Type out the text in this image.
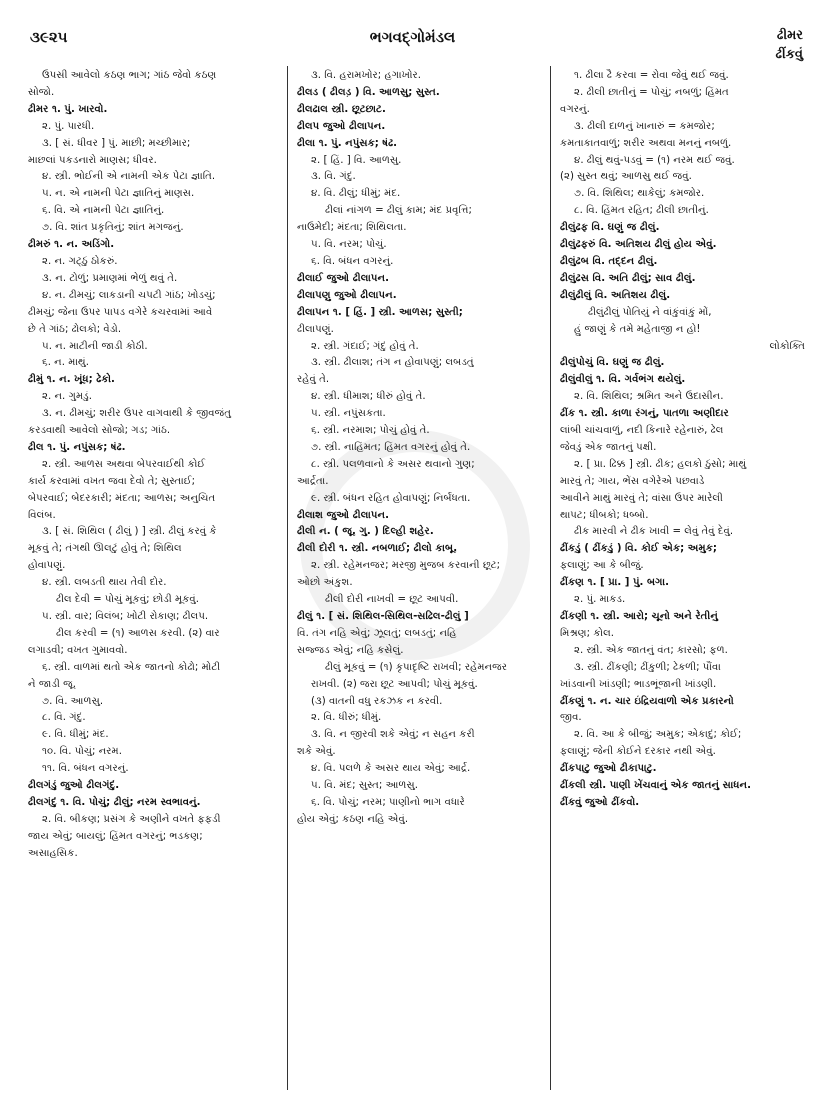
૩૯૨૫	ભગવદ્ગોમંડલ	ઢીમર
ઢીંકવું
ઉપસી આવેલો કઠણ ભાગ; ગાંઠ જેવો કઠણ
સોજો.
ઢીમર ૧. પું. ખારવો.
૨. પું. પારધી.
૩. [ સં. ધીવર ] પું. માછી; મચ્છીમાર;
માછલાં પકડનારો માણસ; ધીવર.
૪. સ્ત્રી. ભોઈની એ નામની એક પેટા જ્ઞાતિ.
૫. ન. એ નામની પેટા જ્ઞાતિનું માણસ.
૬. વિ. એ નામની પેટા જ્ઞાતિનું.
૭. વિ. શાંત પ્રકૃતિનું; શાંત મગજનું.
ઢીમરું ૧. ન. અડિંગો.
૨. ન. ગટ્ઠું ઠોકરું.
૩. ન. ટોળું; પ્રમાણમાં ભેળું થવું તે.
૪. ન. ઢીમચું; લાકડાની ચપટી ગાંઠ; ખોડચું;
ઢીમચું; જેના ઉપર પાપડ વગેરે કચરવામાં આવે
છે તે ગાંઠ; ઢોલકો; વેડો.
૫. ન. માટીની જાડી કોઠી.
૬. ન. માથું.
ઢીમું ૧. ન. ખૂંધ; ઢેકો.
૨. ન. ગુમડું.
૩. ન. ઢીમચું; શરીર ઉપર વાગવાથી કે જીવજંતુ
કરડવાથી આવેલો સોજો; ગડ; ગાંઠ.
ઢીલ ૧. પું. નપુંસક; ષંઢ.
૨. સ્ત્રી. આળસ અથવા બેપરવાઈથી કોઈ
કાર્ય કરવામાં વખત જવા દેવો તે; સુસ્તાઈ;
બેપરવાઈ; બેદરકારી; મંદતા; આળસ; અનુચિત
વિલંબ.
૩. [ સં. શિથિલ ( ઢીલું ) ] સ્ત્રી. ઢીલું કરવું કે
મૂકવું તે; તંગથી ઊલટું હોવું તે; શિથિલ
હોવાપણું.
૪. સ્ત્રી. લબડતી થાય તેવી દોર.
ઢીલ દેવી = પોચું મૂકવું; છોડી મૂકવું.
૫. સ્ત્રી. વાર; વિલંબ; ખોટી રોકાણ; ઢીલપ.
ઢીલ કરવી = (૧) આળસ કરવી. (૨) વાર
લગાડવી; વખત ગુમાવવો.
૬. સ્ત્રી. વાળમાં થતો એક જાતનો કોઢો; મોટી
ને જાડી જૂ.
૭. વિ. આળસુ.
૮. વિ. ગંદું.
૯. વિ. ધીમું; મંદ.
૧૦. વિ. પોચું; નરમ.
૧૧. વિ. બંધન વગરનું.
ઢીલગંડું જુઓ ઢીલગંદું.
ઢીલગંદું ૧. વિ. પોચું; ઢીલું; નરમ સ્વભાવનું.
૨. વિ. બીકણ; પ્રસંગ કે અણીને વખતે ફફડી
જાય એવું; બાયલું; હિંમત વગરનું; ભડકણ;
અસાહસિક.
૩. વિ. હરામખોર; હગાખોર.
ઢીલડ ( ઢીલડ઼ ) વિ. આળસુ; સુસ્ત.
ઢીલઢાલ સ્ત્રી. છૂટછાટ.
ઢીલપ જુઓ ઢીલાપન.
ઢીલા ૧. પું. નપુંસક; ષંઢ.
૨. [ હિં. ] વિ. આળસુ.
૩. વિ. ગંદું.
૪. વિ. ઢીલું; ધીમું; મંદ.
ઢીલાં નાંગળ = ઢીલું કામ; મંદ પ્રવૃત્તિ;
નાઉમેદી; મંદતા; શિથિલતા.
૫. વિ. નરમ; પોચું.
૬. વિ. બંધન વગરનું.
ઢીલાઈ જુઓ ઢીલાપન.
ઢીલાપણુ જુઓ ઢીલાપન.
ઢીલાપન ૧. [ હિં. ] સ્ત્રી. આળસ; સુસ્તી;
ઢીલાપણું.
૨. સ્ત્રી. ગંદાઈ; ગંદું હોવું તે.
૩. સ્ત્રી. ઢીલાશ; તંગ ન હોવાપણું; લબડતું
રહેવું તે.
૪. સ્ત્રી. ધીમાશ; ધીરું હોવું તે.
૫. સ્ત્રી. નપુંસકતા.
૬. સ્ત્રી. નરમાશ; પોચું હોવું તે.
૭. સ્ત્રી. નાહિંમત; હિંમત વગરનું હોવું તે.
૮. સ્ત્રી. પલળવાનો કે અસર થવાનો ગુણ;
આર્દ્રતા.
૯. સ્ત્રી. બંધન રહિત હોવાપણું; નિર્બંધતા.
ઢીલાશ જુઓ ઢીલાપન.
ઢીલી ન. ( જૂ. ગુ. ) દિલ્હી શહેર.
ઢીલી દોરી ૧. સ્ત્રી. નબળાઈ; ઢીલો કાબૂ.
૨. સ્ત્રી. રહેમનજર; મરજી મુજબ કરવાની છૂટ;
ઓછો અંકુશ.
ઢીલી દોરી નાખવી = છૂટ આપવી.
ઢીલું ૧. [ સં. શિથિલ-સિથિલ-સઢિલ-ઢીલું ]
વિ. તંગ નહિ એવું; ઝૂલતું; લબડતું; નહિ
સજ્જડ એવું; નહિ કસેલું.
ઢીલું મૂકવું = (૧) કૃપાદૃષ્ટિ રાખવી; રહેમનજર
રાખવી. (૨) જરા છૂટ આપવી; પોચું મૂકવું.
(૩) વાતની વધુ રકઝક ન કરવી.
૨. વિ. ધીરું; ધીમું.
૩. વિ. ન જીરવી શકે એવું; ન સહન કરી
શકે એવું.
૪. વિ. પલળે કે અસર થાય એવું; આર્દ્ર.
૫. વિ. મંદ; સુસ્ત; આળસુ.
૬. વિ. પોચું; નરમ; પાણીનો ભાગ વધારે
હોય એવું; કઠણ નહિ એવું.
૧. ઢીલા ઢૈ કરવા = રોવા જેવું થઈ જવું.
૨. ઢીલી છાતીનું = પોચું; નબળું; હિંમત
વગરનું.
૩. ઢીલી દાળનું ખાનારું = કમજોર;
કમતાકાતવાળું; શરીર અથવા મનનું નબળું.
૪. ઢીલું થવું-પડવું = (૧) નરમ થઈ જવું.
(૨) સુસ્ત થવું; આળસુ થઈ જવું.
૭. વિ. શિથિલ; થાકેલું; કમજોર.
૮. વિ. હિંમત રહિત; ઢીલી છાતીનું.
ઢીલુંઢફ વિ. ઘણું જ ઢીલું.
ઢીલુંઢફરું વિ. અતિશય ઢીલું હોય એવું.
ઢીલુંઢબ વિ. તદ્દન ઢીલું.
ઢીલુંઢસ વિ. અતિ ઢીલું; સાવ ઢીલું.
ઢીલુંઢીલું વિ. અતિશય ઢીલું.
ઢીલુંઢીલું પોતિયું ને વાંકુંવાંકું મોં,
હું જાણું કે તમે મહેતાજી ન હો!
લોકોક્તિ
ઢીલુંપોચું વિ. ઘણું જ ઢીલું.
ઢીલુંવીલું ૧. વિ. ગર્વભંગ થયેલું.
૨. વિ. શિથિલ; શ્રમિત અને ઉદાસીન.
ઢીંક ૧. સ્ત્રી. કાળા રંગનું, પાતળા અણીદાર
લાંબી ચાંચવાળું, નદી કિનારે રહેનારું, ઢેલ
જેવડું એક જાતનું પક્ષી.
૨. [ પ્રા. ઢિક્ક ] સ્ત્રી. ઢીક; હલકો ઠુંસો; માથું
મારવું તે; ગાય, ભેંસ વગેરેએ પછવાડે
આવીને માથું મારવું તે; વાંસા ઉપર મારેલી
થાપટ; ધીબકો; ધબ્બો.
ઢીક મારવી ને ઢીક ખાવી = લેવું તેવું દેવું.
ઢીંકડું ( ઢીંકડું ) વિ. કોઈ એક; અમુક;
ફલાણું; આ કે બીજું.
ઢીંકણ ૧. [ પ્રા. ] પું. બગા.
૨. પું. માકડ.
ઢીંકણી ૧. સ્ત્રી. આરો; ચૂનો અને રેતીનું
મિશ્રણ; કોલ.
૨. સ્ત્રી. એક જાતનું વંત; કારસો; ફળ.
૩. સ્ત્રી. ઢીંકણી; ઢીંકુળી; ઢેકળી; પૌંવા
ખાંડવાની ખાંડણી; ભાડભૂંજાની ખાંડણી.
ઢીંકણું ૧. ન. ચાર ઇંદ્રિયવાળો એક પ્રકારનો
જીવ.
૨. વિ. આ કે બીજું; અમુક; એકાદું; કોઈ;
ફલાણું; જેની કોઈને દરકાર નથી એવું.
ઢીંકપાટુ જુઓ ઢીકાપાટુ.
ઢીંકલી સ્ત્રી. પાણી ખેંચવાનું એક જાતનું સાધન.
ઢીંકવું જુઓ ઢીંકવો.
